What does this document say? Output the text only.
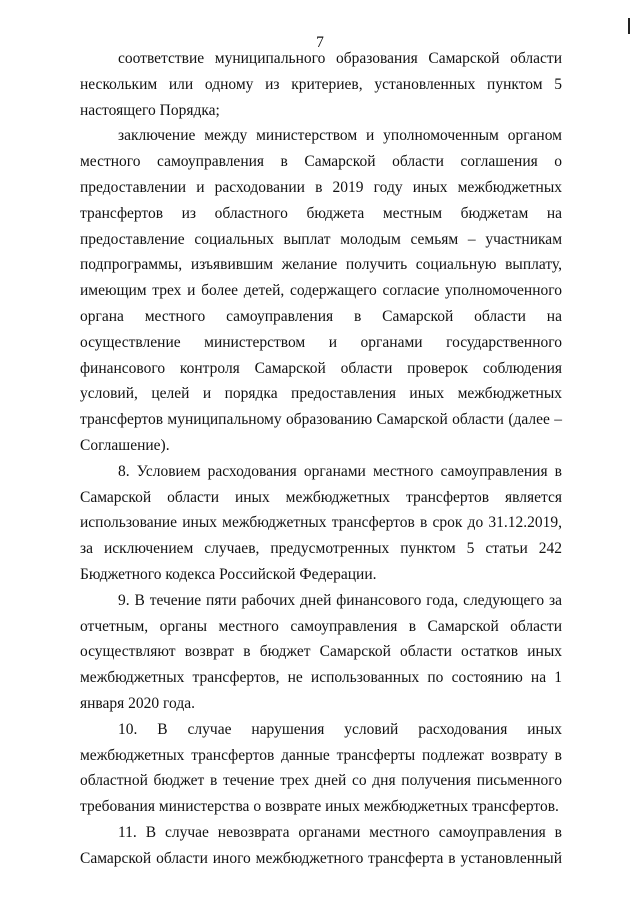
7

соответствие муниципального образования Самарской области нескольким или одному из критериев, установленных пунктом 5 настоящего Порядка;

заключение между министерством и уполномоченным органом местного самоуправления в Самарской области соглашения о предоставлении и расходовании в 2019 году иных межбюджетных трансфертов из областного бюджета местным бюджетам на предоставление социальных выплат молодым семьям – участникам подпрограммы, изъявившим желание получить социальную выплату, имеющим трех и более детей, содержащего согласие уполномоченного органа местного самоуправления в Самарской области на осуществление министерством и органами государственного финансового контроля Самарской области проверок соблюдения условий, целей и порядка предоставления иных межбюджетных трансфертов муниципальному образованию Самарской области (далее – Соглашение).

8. Условием расходования органами местного самоуправления в Самарской области иных межбюджетных трансфертов является использование иных межбюджетных трансфертов в срок до 31.12.2019, за исключением случаев, предусмотренных пунктом 5 статьи 242 Бюджетного кодекса Российской Федерации.

9. В течение пяти рабочих дней финансового года, следующего за отчетным, органы местного самоуправления в Самарской области осуществляют возврат в бюджет Самарской области остатков иных межбюджетных трансфертов, не использованных по состоянию на 1 января 2020 года.

10. В случае нарушения условий расходования иных межбюджетных трансфертов данные трансферты подлежат возврату в областной бюджет в течение трех дней со дня получения письменного требования министерства о возврате иных межбюджетных трансфертов.

11. В случае невозврата органами местного самоуправления в Самарской области иного межбюджетного трансферта в установленный
